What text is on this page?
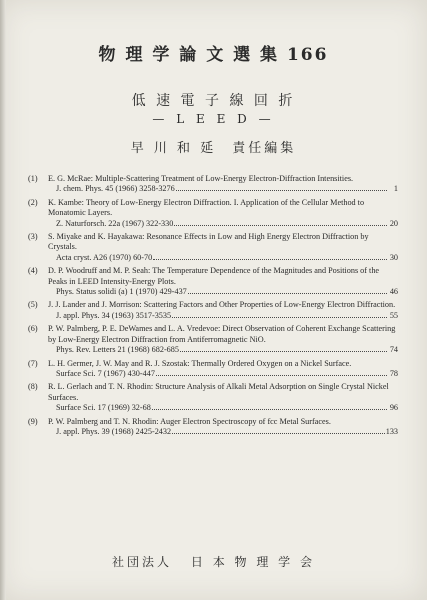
物 理 学 論 文 選 集 166
低 速 電 子 線 回 折
— L E E D —
早 川 和 延　責任編集
(1)	E. G. McRae: Multiple-Scattering Treatment of Low-Energy Electron-Diffraction Intensities.
J. chem. Phys. 45 (1966) 3258-3276	1
(2)	K. Kambe: Theory of Low-Energy Electron Diffraction. I. Application of the Cellular Method to Monatomic Layers.
Z. Naturforsch. 22a (1967) 322-330	20
(3)	S. Miyake and K. Hayakawa: Resonance Effects in Low and High Energy Electron Diffraction by Crystals.
Acta cryst. A26 (1970) 60-70	30
(4)	D. P. Woodruff and M. P. Seah: The Temperature Dependence of the Magnitudes and Positions of the Peaks in LEED Intensity-Energy Plots.
Phys. Status solidi (a) 1 (1970) 429-437	46
(5)	J. J. Lander and J. Morrison: Scattering Factors and Other Properties of Low-Energy Electron Diffraction.
J. appl. Phys. 34 (1963) 3517-3535	55
(6)	P. W. Palmberg, P. E. DeWames and L. A. Vredevoe: Direct Observation of Coherent Exchange Scattering by Low-Energy Electron Diffraction from Antiferromagnetic NiO.
Phys. Rev. Letters 21 (1968) 682-685	74
(7)	L. H. Germer, J. W. May and R. J. Szostak: Thermally Ordered Oxygen on a Nickel Surface.
Surface Sci. 7 (1967) 430-447	78
(8)	R. L. Gerlach and T. N. Rhodin: Structure Analysis of Alkali Metal Adsorption on Single Crystal Nickel Surfaces.
Surface Sci. 17 (1969) 32-68	96
(9)	P. W. Palmberg and T. N. Rhodin: Auger Electron Spectroscopy of fcc Metal Surfaces.
J. appl. Phys. 39 (1968) 2425-2432	133
社団法人 日 本 物 理 学 会
